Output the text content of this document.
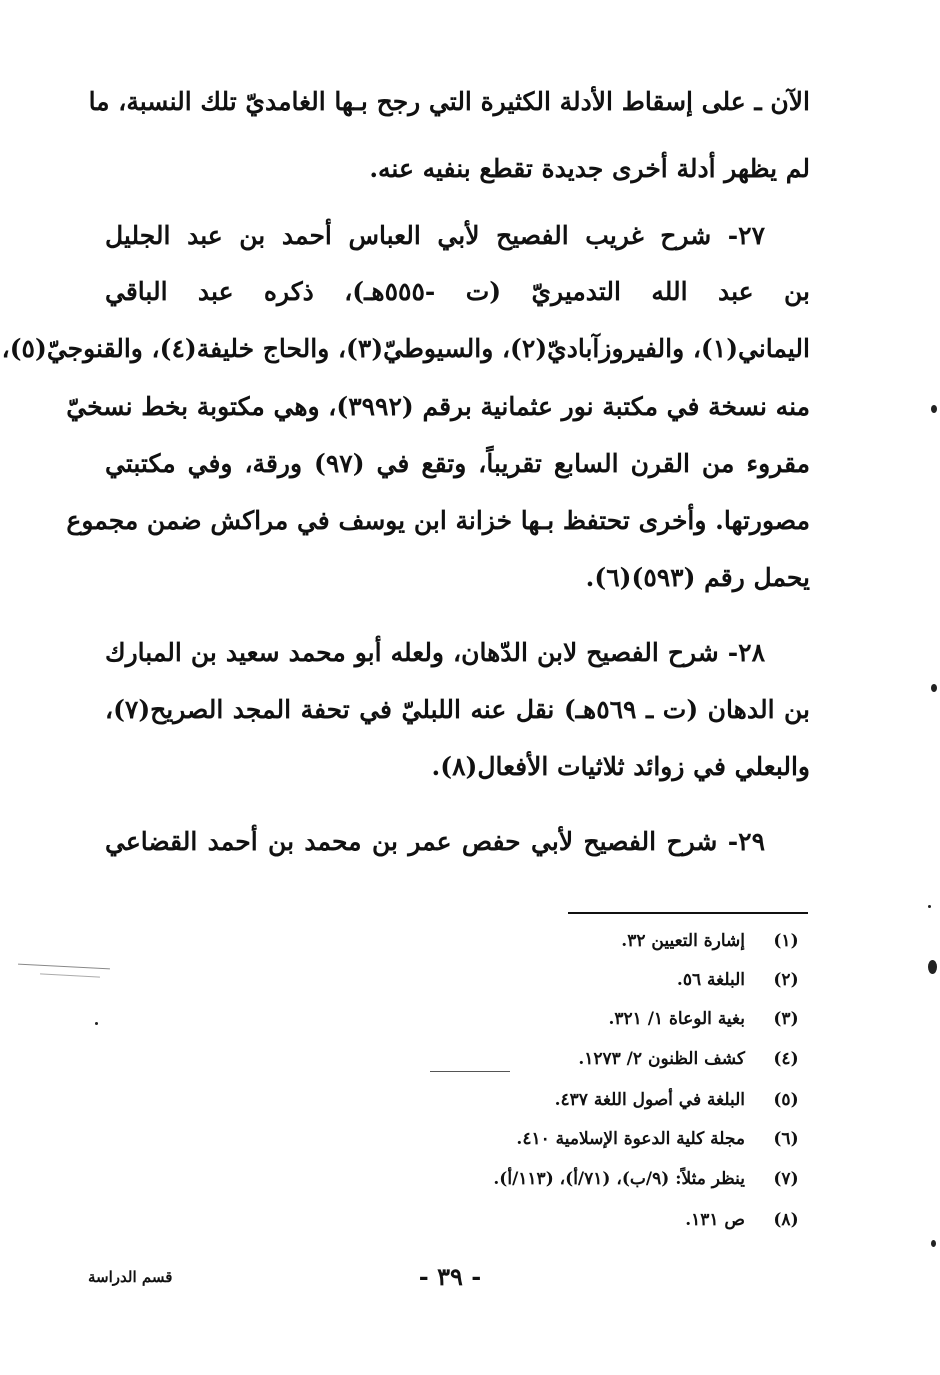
الآن ـ على إسقاط الأدلة الكثيرة التي رجح بـها الغامديّ تلك النسبة، ما
لم يظهر أدلة أخرى جديدة تقطع بنفيه عنه.
٢٧- شرح غريب الفصيح لأبي العباس أحمد بن عبد الجليل
بن عبد الله التدميريّ (ت -٥٥٥هـ)، ذكره عبد الباقي
اليماني(١)، والفيروزآباديّ(٢)، والسيوطيّ(٣)، والحاج خليفة(٤)، والقنوجيّ(٥)،
منه نسخة في مكتبة نور عثمانية برقم (٣٩٩٢)، وهي مكتوبة بخط نسخيّ
مقروء من القرن السابع تقريباً، وتقع في (٩٧) ورقة، وفي مكتبتي
مصورتها. وأخرى تحتفظ بـها خزانة ابن يوسف في مراكش ضمن مجموع
يحمل رقم (٥٩٣)(٦).
٢٨- شرح الفصيح لابن الدّهان، ولعله أبو محمد سعيد بن المبارك
بن الدهان (ت ـ ٥٦٩هـ) نقل عنه اللبليّ في تحفة المجد الصريح(٧)،
والبعلي في زوائد ثلاثيات الأفعال(٨).
٢٩- شرح الفصيح لأبي حفص عمر بن محمد بن أحمد القضاعي
(١)
إشارة التعيين ٣٢.
(٢)
البلغة ٥٦.
(٣)
بغية الوعاة ١/ ٣٢١.
(٤)
كشف الظنون ٢/ ١٢٧٣.
(٥)
البلغة في أصول اللغة ٤٣٧.
(٦)
مجلة كلية الدعوة الإسلامية ٤١٠.
(٧)
ينظر مثلاً: (٩/ب)، (٧١/أ)، (١١٣/أ).
(٨)
ص ١٣١.
- ٣٩ -
قسم الدراسة
